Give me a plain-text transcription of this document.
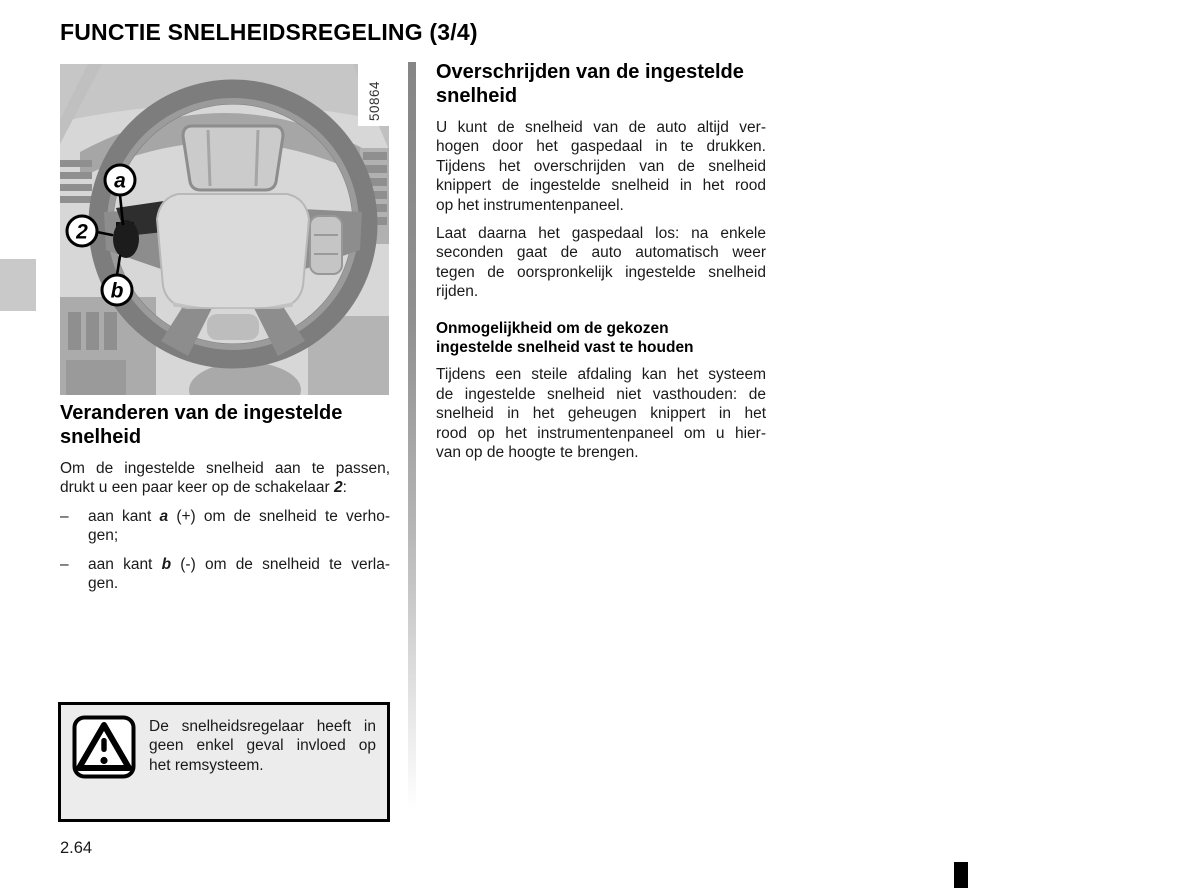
FUNCTIE SNELHEIDSREGELING (3/4)
a
2
b
50864
Overschrijden van de ingestelde
snelheid
U kunt de snelheid van de auto altijd ver-
hogen door het gaspedaal in te drukken.
Tijdens het overschrijden van de snelheid
knippert de ingestelde snelheid in het rood
op het instrumentenpaneel.
Laat daarna het gaspedaal los: na enkele
seconden gaat de auto automatisch weer
tegen de oorspronkelijk ingestelde snelheid
rijden.
Onmogelijkheid om de gekozen
ingestelde snelheid vast te houden
Tijdens een steile afdaling kan het systeem
de ingestelde snelheid niet vasthouden: de
snelheid in het geheugen knippert in het
rood op het instrumentenpaneel om u hier-
van op de hoogte te brengen.
Veranderen van de ingestelde
snelheid
Om de ingestelde snelheid aan te passen,
drukt u een paar keer op de schakelaar 2:
– aan kant a (+) om de snelheid te verho-
gen;
– aan kant b (-) om de snelheid te verla-
gen.
De snelheidsregelaar heeft in
geen enkel geval invloed op
het remsysteem.
2.64
